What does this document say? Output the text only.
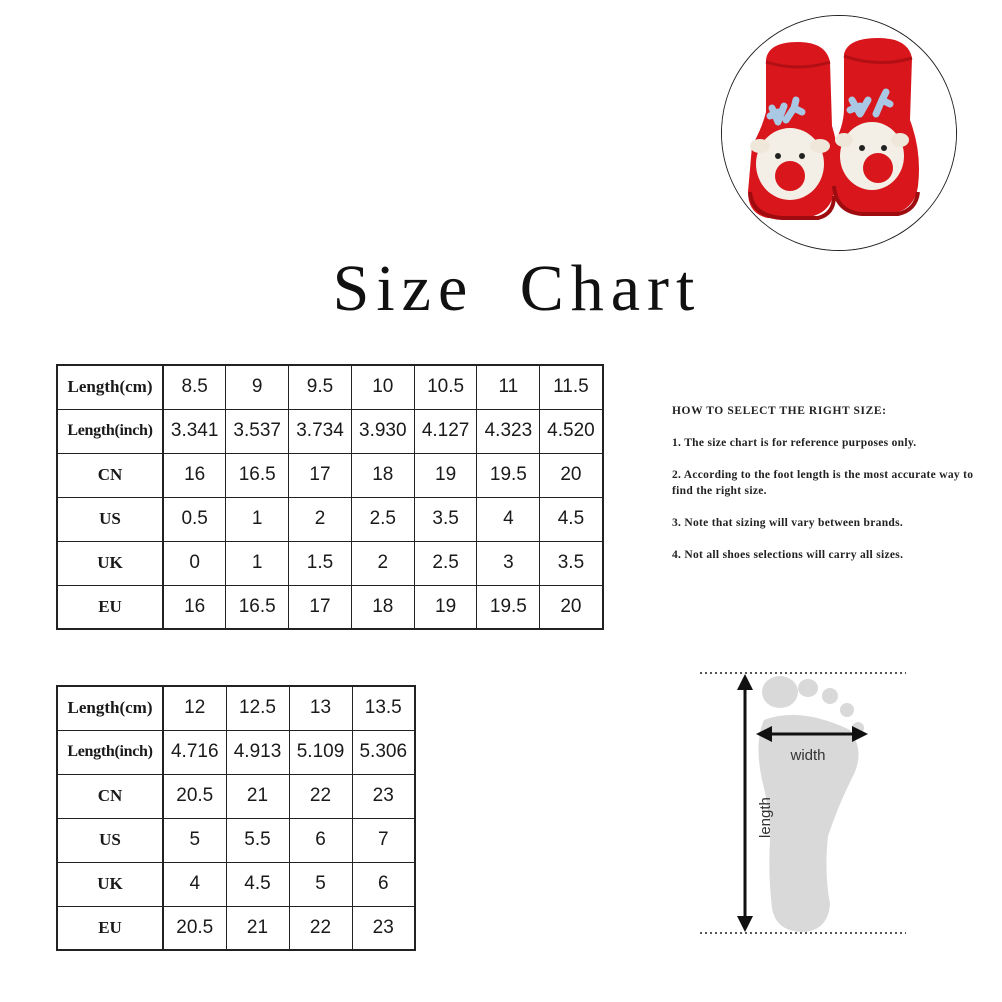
Size Chart
Length(cm)	8.5	9	9.5	10	10.5	11	11.5
Length(inch)	3.341	3.537	3.734	3.930	4.127	4.323	4.520
CN	16	16.5	17	18	19	19.5	20
US	0.5	1	2	2.5	3.5	4	4.5
UK	0	1	1.5	2	2.5	3	3.5
EU	16	16.5	17	18	19	19.5	20
Length(cm)	12	12.5	13	13.5
Length(inch)	4.716	4.913	5.109	5.306
CN	20.5	21	22	23
US	5	5.5	6	7
UK	4	4.5	5	6
EU	20.5	21	22	23
HOW TO SELECT THE RIGHT SIZE:
1. The size chart is for reference purposes only.
2. According to the foot length is the most accurate way to find the right size.
3. Note that sizing will vary between brands.
4. Not all shoes selections will carry all sizes.
width
length
